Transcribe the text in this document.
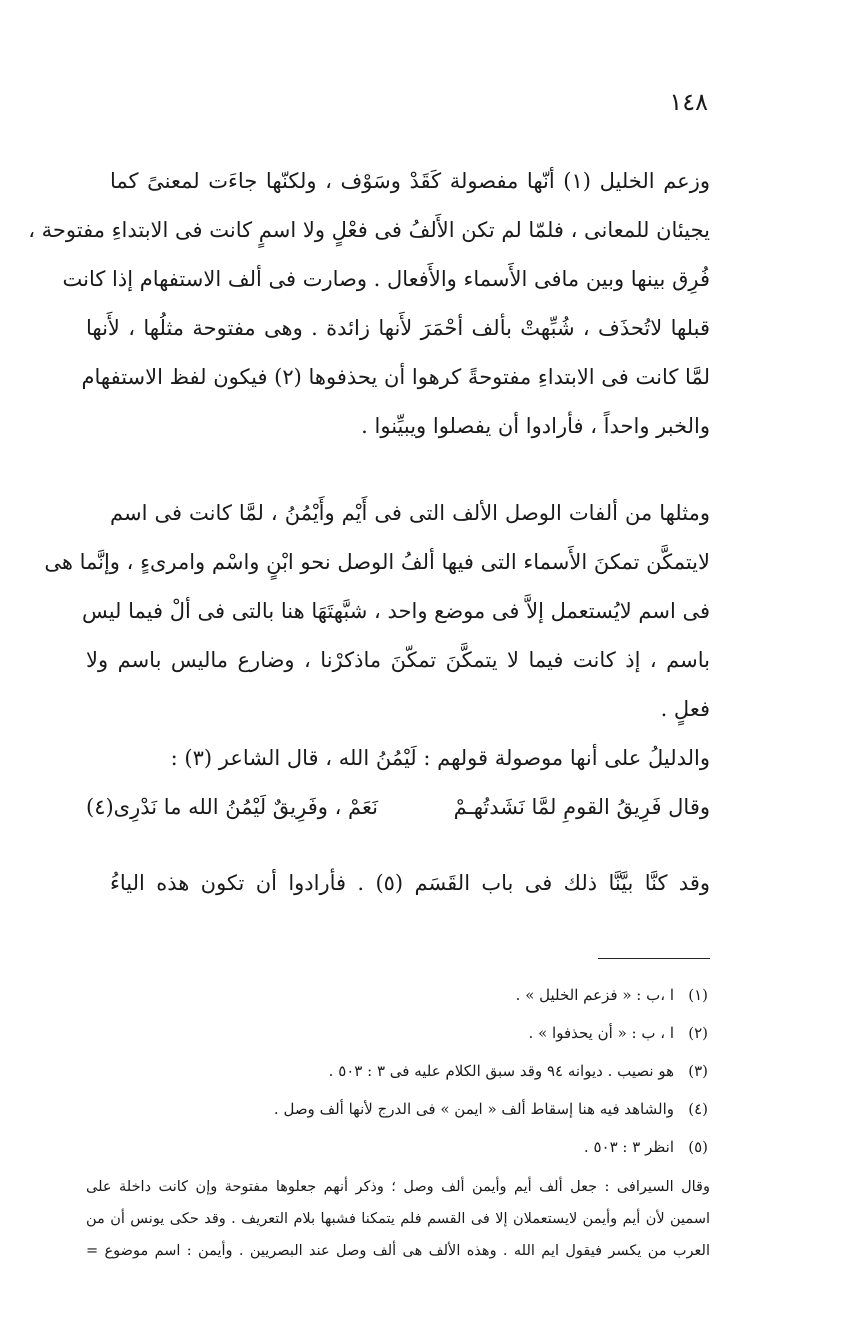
١٤٨
وزعم الخليل (١) أنّها مفصولة كَقَدْ وسَوْف ، ولكنّها جاءَت لمعنىً كما
يجيئان للمعانى ، فلمّا لم تكن الأَلفُ فى فعْلٍ ولا اسمٍ كانت فى الابتداءِ مفتوحة ،
فُرِق بينها وبين مافى الأَسماء والأَفعال . وصارت فى ألف الاستفهام إذا كانت
قبلها لاتُحذَف ، شُبِّهتْ بألف أحْمَرَ لأَنها زائدة . وهى مفتوحة مثلُها ، لأَنها
لمَّا كانت فى الابتداءِ مفتوحةً كرهوا أن يحذفوها (٢) فيكون لفظ الاستفهام
والخبر واحداً ، فأرادوا أن يفصلوا ويبيِّنوا .
ومثلها من ألفات الوصل الألف التى فى أَيْم وأَيْمُنُ ، لمَّا كانت فى اسم
لايتمكَّن تمكنَ الأَسماء التى فيها ألفُ الوصل نحو ابْنٍ واسْم وامرىءٍ ، وإنَّما هى
فى اسم لايُستعمل إلاَّ فى موضع واحد ، شبَّهتَهَا هنا بالتى فى ألْ فيما ليس
باسم ، إذ كانت فيما لا يتمكَّنَ تمكّنَ ماذكرْنا ، وضارع ماليس باسم ولا
فعلٍ .
والدليلُ على أنها موصولة قولهم : لَيْمُنُ الله ، قال الشاعر (٣) :
وقال فَرِيقُ القومِ لمَّا نَشَدتُهـمْ
نَعَمْ ، وفَرِيقٌ لَيْمُنُ الله ما نَدْرِى(٤)
وقد كنَّا بيَّنَّا ذلك فى باب القَسَم (٥) . فأرادوا أن تكون هذه الياءُ
(١)ا ،ب : « فزعم الخليل » .
(٢)ا ، ب : « أن يحذفوا » .
(٣)هو نصيب . ديوانه ٩٤ وقد سبق الكلام عليه فى ٣ : ٥٠٣ .
(٤)والشاهد فيه هنا إسقاط ألف « ايمن » فى الدرج لأنها ألف وصل .
(٥)انظر ٣ : ٥٠٣ .
وقال السيرافى : جعل ألف أيم وأيمن ألف وصل ؛ وذكر أنهم جعلوها مفتوحة وإن كانت داخلة على
اسمين لأن أيم وأيمن لايستعملان إلا فى القسم فلم يتمكنا فشبها بلام التعريف . وقد حكى يونس أن من
العرب من يكسر فيقول ايم الله . وهذه الألف هى ألف وصل عند البصريين . وأيمن : اسم موضوع =
